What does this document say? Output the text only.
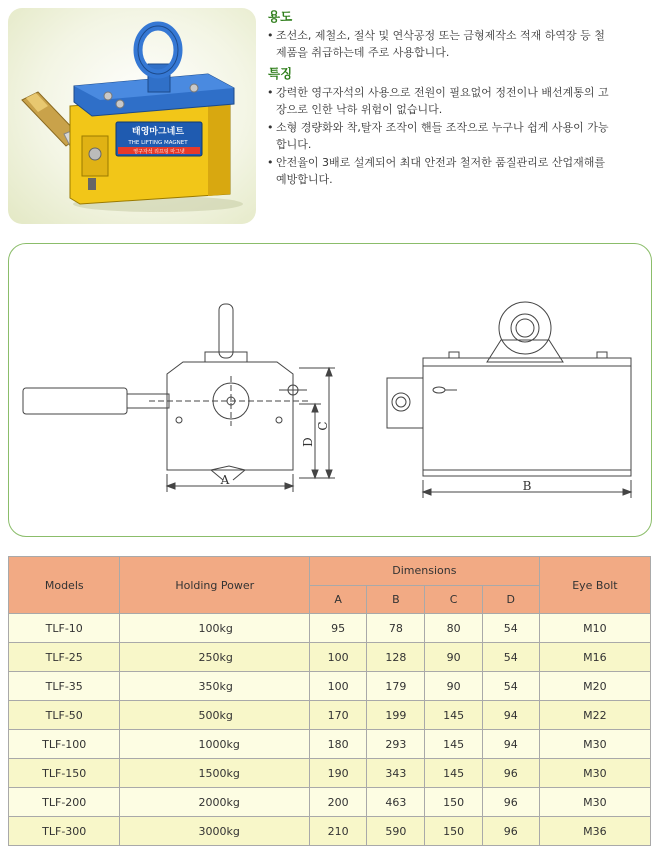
태영마그네트
THE LIFTING MAGNET
영구자석 리프팅 마그넷
용도
• 조선소, 제철소, 절삭 및 연삭공정 또는 금형제작소 적재 하역장 등 철
제품을 취급하는데 주로 사용합니다.
특징
• 강력한 영구자석의 사용으로 전원이 필요없어 정전이나 배선계통의 고
장으로 인한 낙하 위험이 없습니다.
• 소형 경량화와 착,탈자 조작이 핸들 조작으로 누구나 쉽게 사용이 가능
합니다.
• 안전율이 3배로 설계되어 최대 안전과 철저한 품질관리로 산업재해를
예방합니다.
A
C
D
B
Models	Holding Power	Dimensions				Eye Bolt
		A	B	C	D	
TLF-10	100kg	95	78	80	54	M10
TLF-25	250kg	100	128	90	54	M16
TLF-35	350kg	100	179	90	54	M20
TLF-50	500kg	170	199	145	94	M22
TLF-100	1000kg	180	293	145	94	M30
TLF-150	1500kg	190	343	145	96	M30
TLF-200	2000kg	200	463	150	96	M30
TLF-300	3000kg	210	590	150	96	M36
